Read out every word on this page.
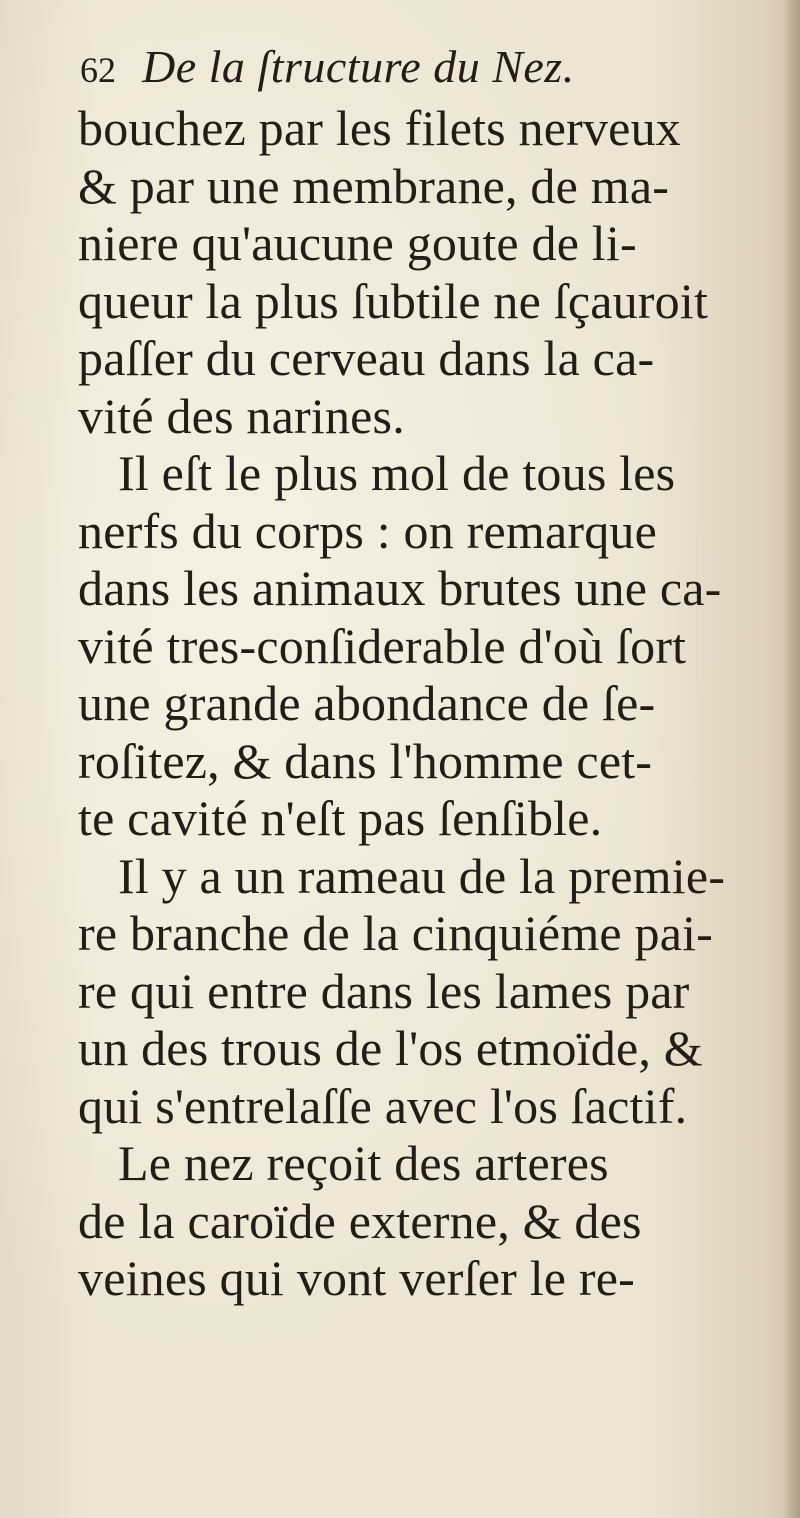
62 De la ſtructure du Nez.
bouchez par les filets nerveux
& par une membrane, de ma-
niere qu'aucune goute de li-
queur la plus ſubtile ne ſçauroit
paſſer du cerveau dans la ca-
vité des narines.
Il eſt le plus mol de tous les
nerfs du corps : on remarque
dans les animaux brutes une ca-
vité tres-conſiderable d'où ſort
une grande abondance de ſe-
roſitez, & dans l'homme cet-
te cavité n'eſt pas ſenſible.
Il y a un rameau de la premie-
re branche de la cinquiéme pai-
re qui entre dans les lames par
un des trous de l'os etmoïde, &
qui s'entrelaſſe avec l'os ſactif.
Le nez reçoit des arteres
de la caroïde externe, & des
veines qui vont verſer le re-
